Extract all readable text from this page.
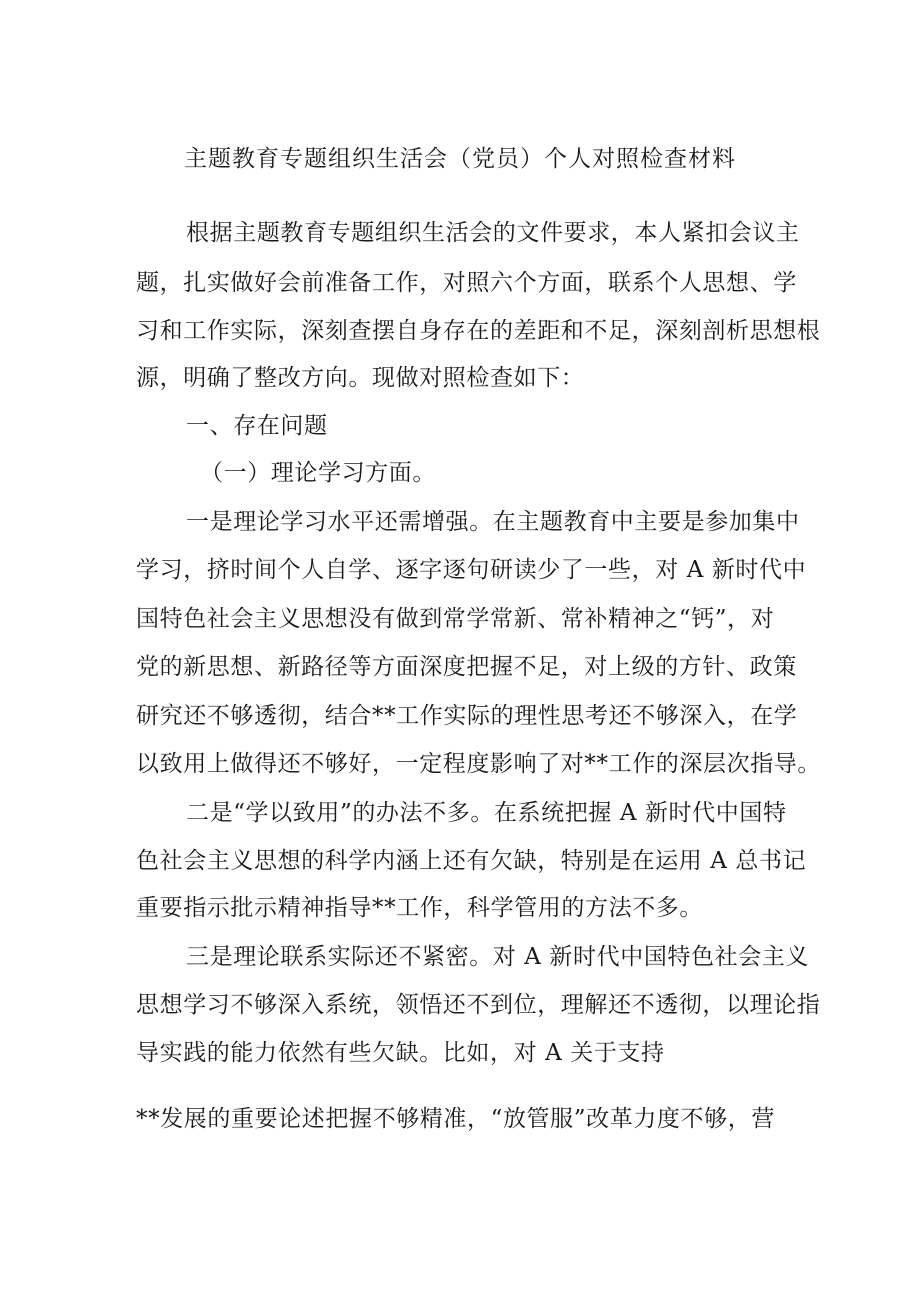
主题教育专题组织生活会（党员）个人对照检查材料
根据主题教育专题组织生活会的文件要求，本人紧扣会议主
题，扎实做好会前准备工作，对照六个方面，联系个人思想、学
习和工作实际，深刻查摆自身存在的差距和不足，深刻剖析思想根
源，明确了整改方向。现做对照检查如下：
一、存在问题
（一）理论学习方面。
一是理论学习水平还需增强。在主题教育中主要是参加集中
学习，挤时间个人自学、逐字逐句研读少了一些，对 A 新时代中
国特色社会主义思想没有做到常学常新、常补精神之“钙”，对
党的新思想、新路径等方面深度把握不足，对上级的方针、政策
研究还不够透彻，结合**工作实际的理性思考还不够深入，在学
以致用上做得还不够好，一定程度影响了对**工作的深层次指导。
二是“学以致用”的办法不多。在系统把握 A 新时代中国特
色社会主义思想的科学内涵上还有欠缺，特别是在运用 A 总书记
重要指示批示精神指导**工作，科学管用的方法不多。
三是理论联系实际还不紧密。对 A 新时代中国特色社会主义
思想学习不够深入系统，领悟还不到位，理解还不透彻，以理论指
导实践的能力依然有些欠缺。比如，对 A 关于支持
**发展的重要论述把握不够精准，“放管服”改革力度不够，营
